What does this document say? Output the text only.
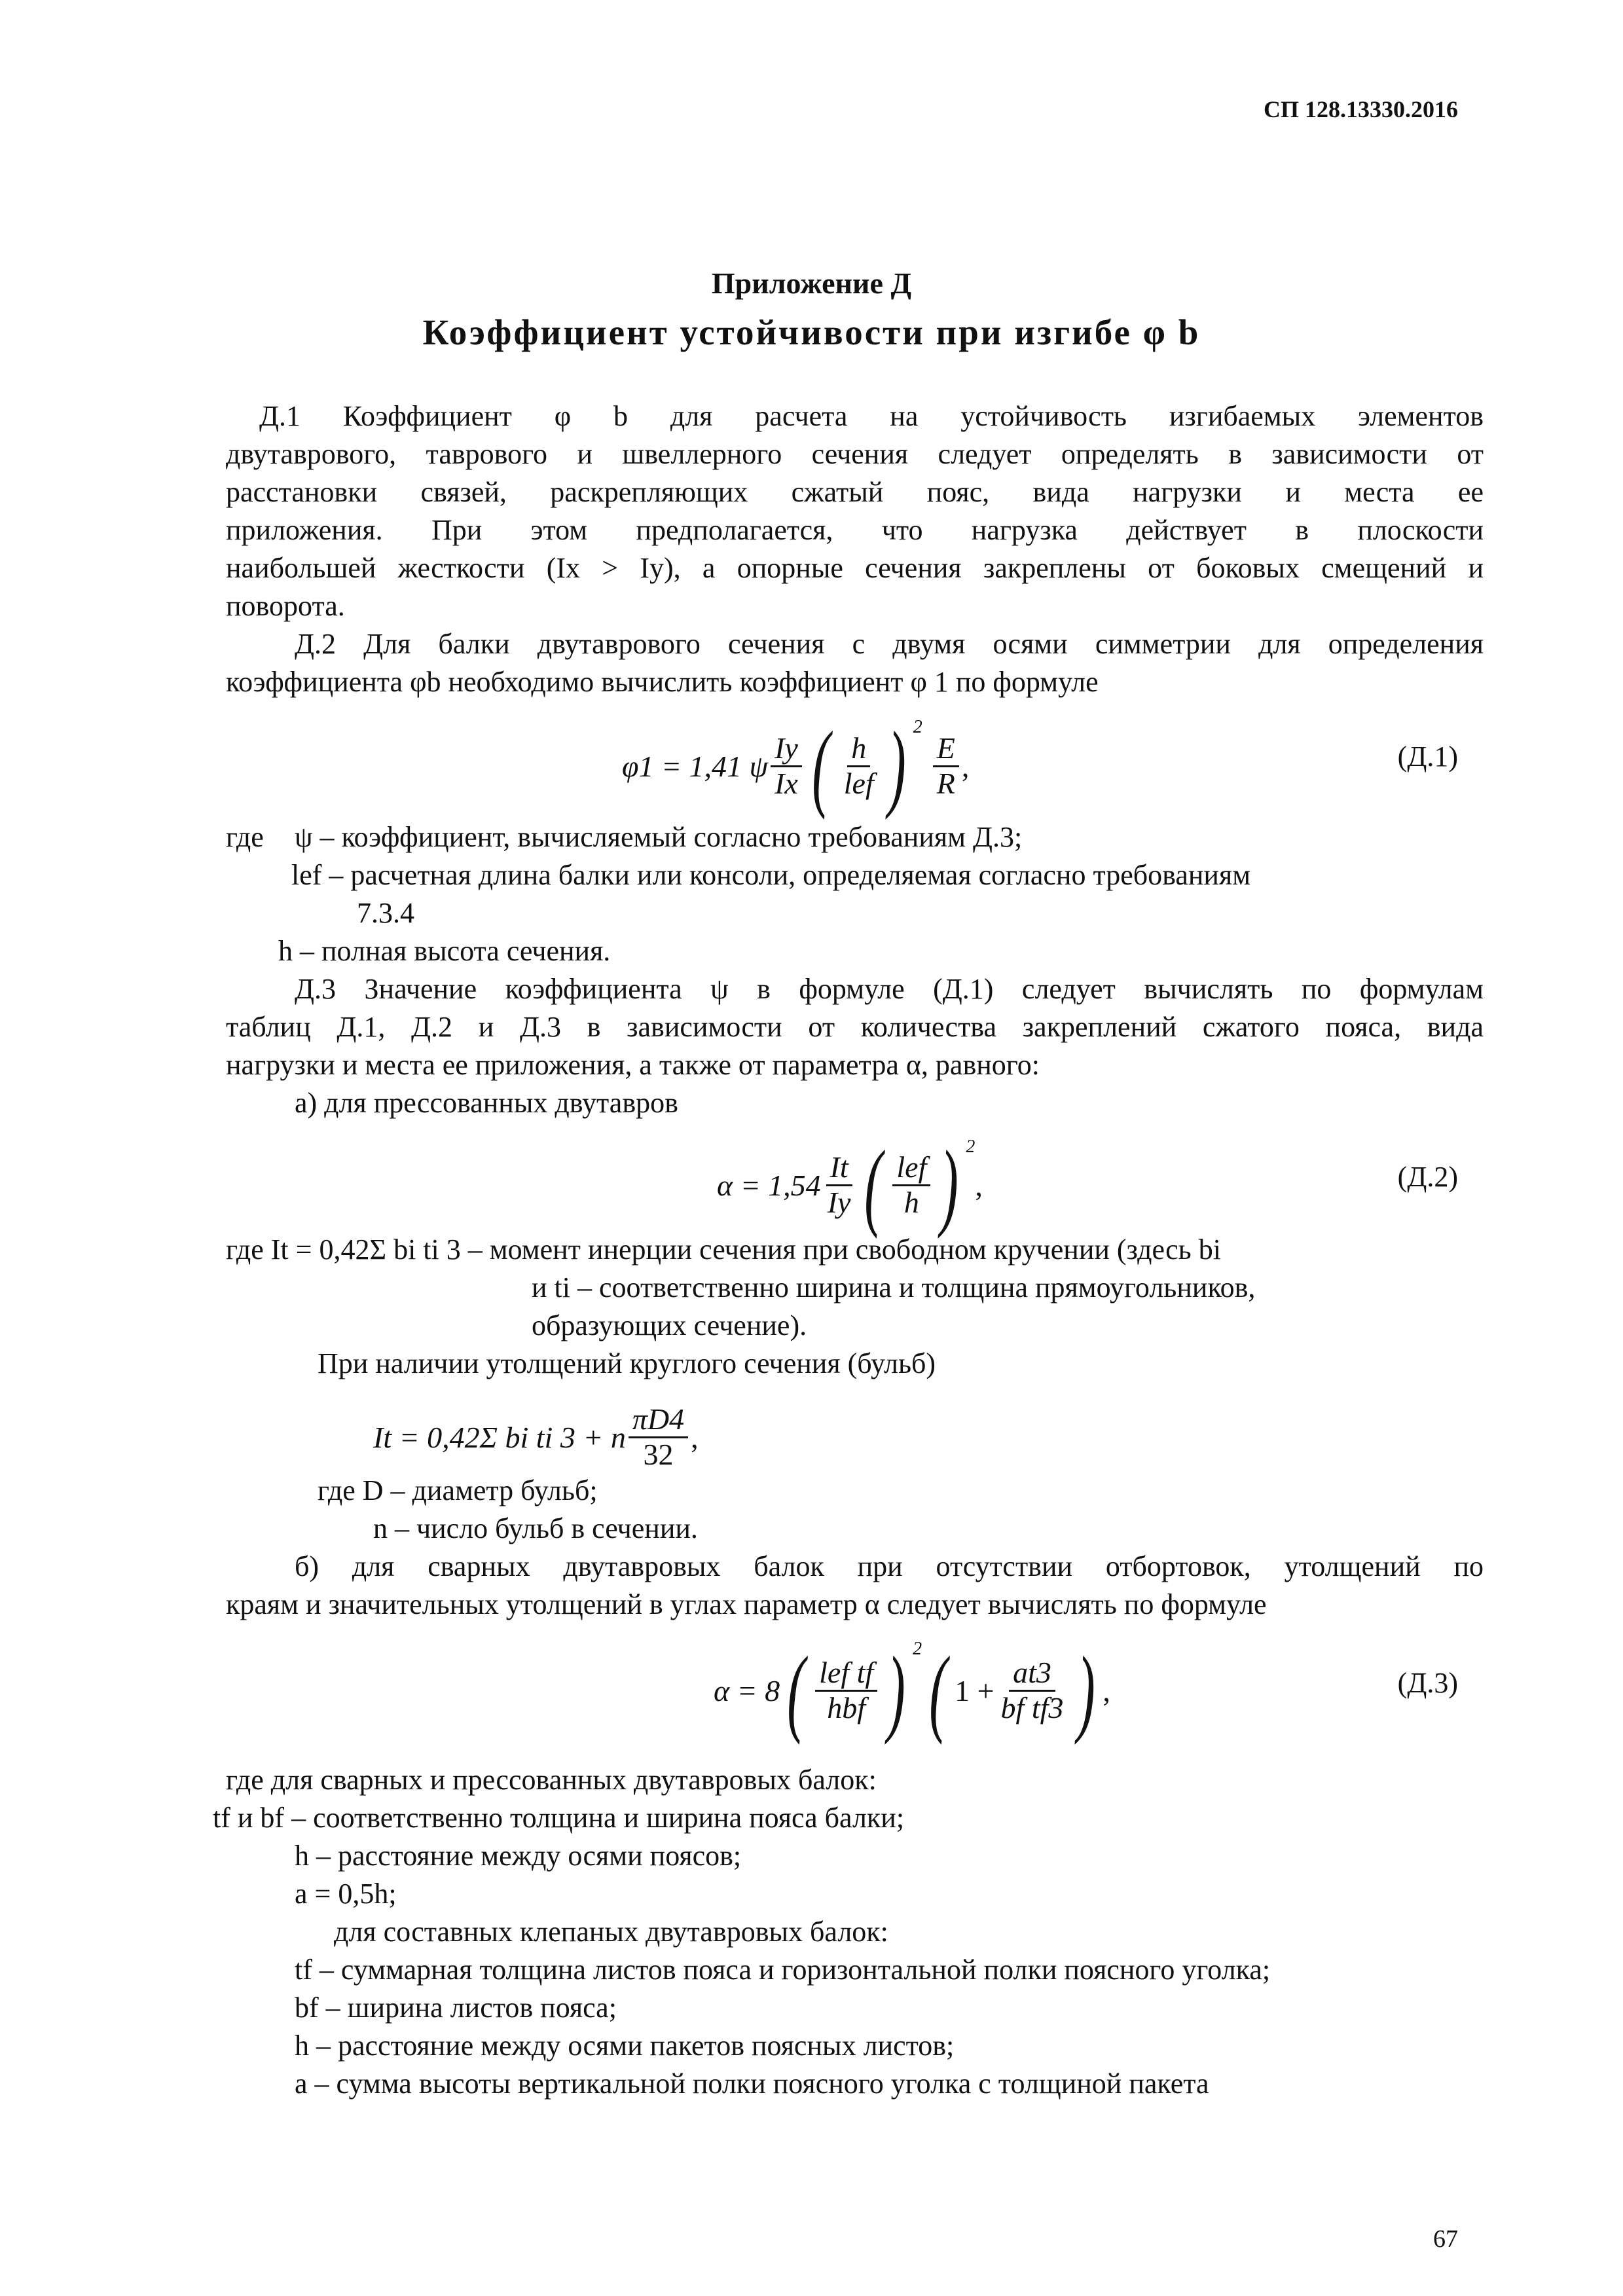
СП 128.13330.2016
Приложение Д
Коэффициент устойчивости при изгибе φ b
Д.1 Коэффициент φ b для расчета на устойчивость изгибаемых элементов
двутаврового, таврового и швеллерного сечения следует определять в зависимости от
расстановки связей, раскрепляющих сжатый пояс, вида нагрузки и места ее
приложения. При этом предполагается, что нагрузка действует в плоскости
наибольшей жесткости (Ix > Iy), а опорные сечения закреплены от боковых смещений и
поворота.
Д.2 Для балки двутаврового сечения с двумя осями симметрии для определения
коэффициента φb необходимо вычислить коэффициент φ 1 по формуле
φ1 = 1,41 ψ $\frac{Iy}{Ix}$ ( $\frac{h}{\text{lef}}$ ) 2
$\frac{E}{R}$ ,	(Д.1)
где ψ – коэффициент, вычисляемый согласно требованиям Д.3;
lef – расчетная длина балки или консоли, определяемая согласно требованиям
7.3.4
h – полная высота сечения.
Д.3 Значение коэффициента ψ в формуле (Д.1) следует вычислять по формулам
таблиц Д.1, Д.2 и Д.3 в зависимости от количества закреплений сжатого пояса, вида
нагрузки и места ее приложения, а также от параметра α, равного:
а) для прессованных двутавров
$\alpha = 1,54 \frac{It}{Iy}$ ( $\frac{\text{lef}}{h}$ ) 2
,	(Д.2)
где It = 0,42Σ bi ti 3 – момент инерции сечения при свободном кручении (здесь bi
и ti – соответственно ширина и толщина прямоугольников,
образующих сечение).
При наличии утолщений круглого сечения (бульб)
It = 0,42Σ bi ti 3 + n $\frac{\pi D4}{32}$ ,
где D – диаметр бульб;
n – число бульб в сечении.
б) для сварных двутавровых балок при отсутствии отбортовок, утолщений по
краям и значительных утолщений в углах параметр α следует вычислять по формуле
α = 8 ( $\frac{\text{lef tf}}{\text{hbf}}$ ) 2 ( $1 + \frac{at3}{\text{bf tf3}}$ ) ,	(Д.3)
где для сварных и прессованных двутавровых балок:
tf и bf – соответственно толщина и ширина пояса балки;
h – расстояние между осями поясов;
a = 0,5h;
для составных клепаных двутавровых балок:
tf – суммарная толщина листов пояса и горизонтальной полки поясного уголка;
bf – ширина листов пояса;
h – расстояние между осями пакетов поясных листов;
a – сумма высоты вертикальной полки поясного уголка с толщиной пакета
67
